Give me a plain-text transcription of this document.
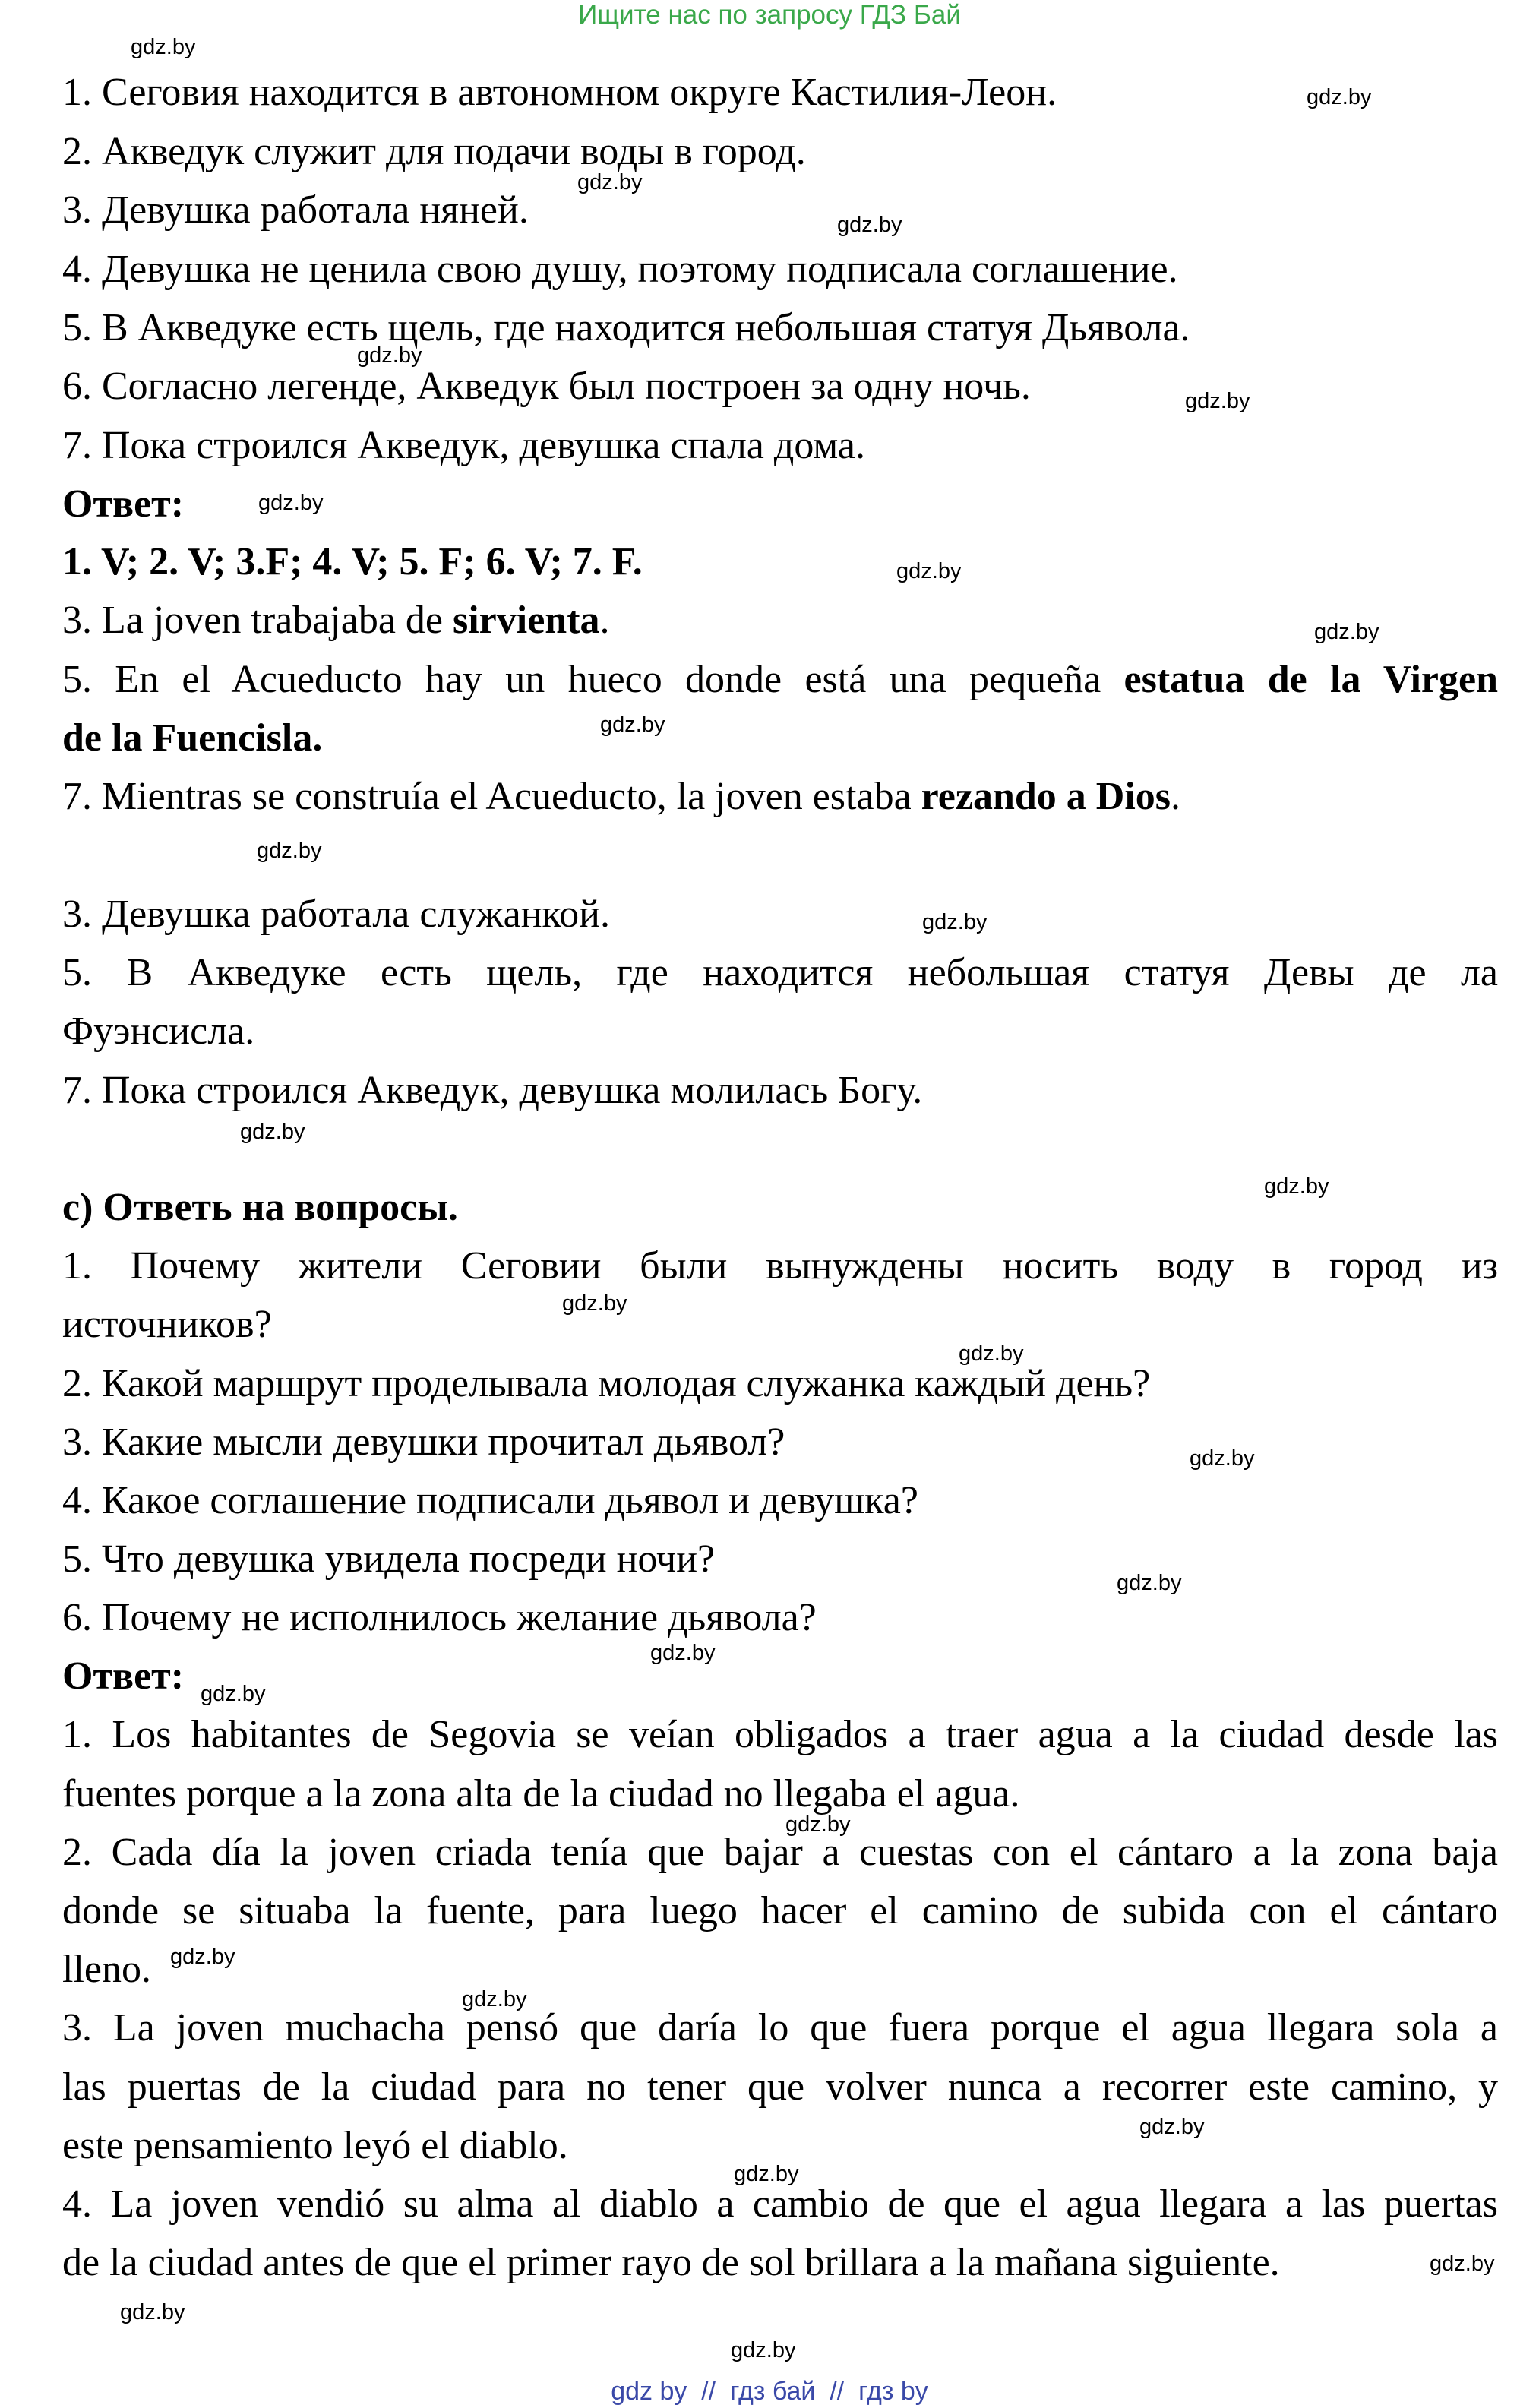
Ищите нас по запросу ГДЗ Бай
1. Сеговия находится в автономном округе Кастилия-Леон.
2. Акведук служит для подачи воды в город.
3. Девушка работала няней.
4. Девушка не ценила свою душу, поэтому подписала соглашение.
5. В Акведуке есть щель, где находится небольшая статуя Дьявола.
6. Согласно легенде, Акведук был построен за одну ночь.
7. Пока строился Акведук, девушка спала дома.
Ответ:
1. V; 2. V; 3.F; 4. V; 5. F; 6. V; 7. F.
3. La joven trabajaba de sirvienta.
5. En el Acueducto hay un hueco donde está una pequeña estatua de la Virgen
de la Fuencisla.
7. Mientras se construía el Acueducto, la joven estaba rezando a Dios.
3. Девушка работала служанкой.
5. В Акведуке есть щель, где находится небольшая статуя Девы де ла
Фуэнсисла.
7. Пока строился Акведук, девушка молилась Богу.
c) Ответь на вопросы.
1. Почему жители Сеговии были вынуждены носить воду в город из
источников?
2. Какой маршрут проделывала молодая служанка каждый день?
3. Какие мысли девушки прочитал дьявол?
4. Какое соглашение подписали дьявол и девушка?
5. Что девушка увидела посреди ночи?
6. Почему не исполнилось желание дьявола?
Ответ:
1. Los habitantes de Segovia se veían obligados a traer agua a la ciudad desde las
fuentes porque a la zona alta de la ciudad no llegaba el agua.
2. Cada día la joven criada tenía que bajar a cuestas con el cántaro a la zona baja
donde se situaba la fuente, para luego hacer el camino de subida con el cántaro
lleno.
3. La joven muchacha pensó que daría lo que fuera porque el agua llegara sola a
las puertas de la ciudad para no tener que volver nunca a recorrer este camino, y
este pensamiento leyó el diablo.
4. La joven vendió su alma al diablo a cambio de que el agua llegara a las puertas
de la ciudad antes de que el primer rayo de sol brillara a la mañana siguiente.
gdz.by
gdz.by
gdz.by
gdz.by
gdz.by
gdz.by
gdz.by
gdz.by
gdz.by
gdz.by
gdz.by
gdz.by
gdz.by
gdz.by
gdz.by
gdz.by
gdz.by
gdz.by
gdz.by
gdz.by
gdz.by
gdz.by
gdz.by
gdz.by
gdz.by
gdz.by
gdz.by
gdz.by
gdz by  //  гдз бай  //  гдз by
